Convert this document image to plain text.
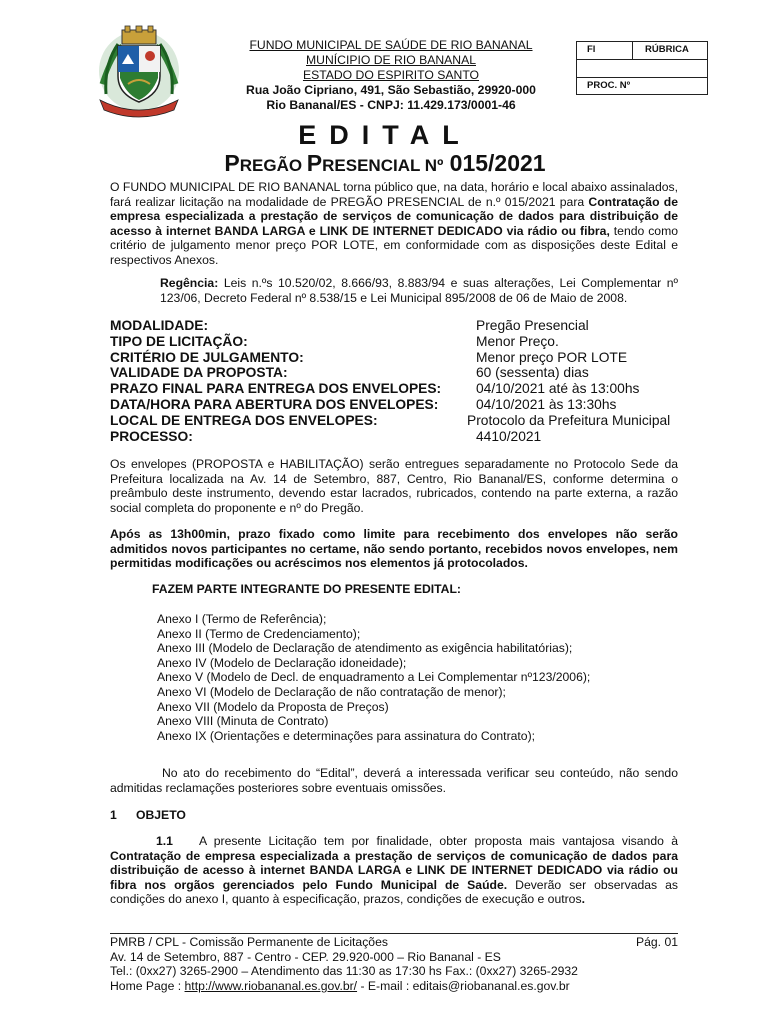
FUNDO MUNICIPAL DE SAÚDE DE RIO BANANAL
MUNÍCIPIO DE RIO BANANAL
ESTADO DO ESPIRITO SANTO
Rua João Cipriano, 491, São Sebastião, 29920-000
Rio Bananal/ES - CNPJ: 11.429.173/0001-46
Fl	RÚBRICA
PROC. Nº
EDITAL
PREGÃO PRESENCIAL Nº 015/2021
O FUNDO MUNICIPAL DE RIO BANANAL torna público que, na data, horário e local abaixo assinalados, fará realizar licitação na modalidade de PREGÃO PRESENCIAL de n.º 015/2021 para Contratação de empresa especializada a prestação de serviços de comunicação de dados para distribuição de acesso à internet BANDA LARGA e LINK DE INTERNET DEDICADO via rádio ou fibra, tendo como critério de julgamento menor preço POR LOTE, em conformidade com as disposições deste Edital e respectivos Anexos.
Regência: Leis n.ºs 10.520/02, 8.666/93, 8.883/94 e suas alterações, Lei Complementar nº 123/06, Decreto Federal nº 8.538/15 e Lei Municipal 895/2008 de 06 de Maio de 2008.
MODALIDADE:	Pregão Presencial
TIPO DE LICITAÇÃO:	Menor Preço.
CRITÉRIO DE JULGAMENTO:	Menor preço POR LOTE
VALIDADE DA PROPOSTA:	60 (sessenta) dias
PRAZO FINAL PARA ENTREGA DOS ENVELOPES:	04/10/2021 até às 13:00hs
DATA/HORA PARA ABERTURA DOS ENVELOPES:	04/10/2021 às 13:30hs
LOCAL DE ENTREGA DOS ENVELOPES:	Protocolo da Prefeitura Municipal
PROCESSO:	4410/2021
Os envelopes (PROPOSTA e HABILITAÇÃO) serão entregues separadamente no Protocolo Sede da Prefeitura localizada na Av. 14 de Setembro, 887, Centro, Rio Bananal/ES, conforme determina o preâmbulo deste instrumento, devendo estar lacrados, rubricados, contendo na parte externa, a razão social completa do proponente e nº do Pregão.
Após as 13h00min, prazo fixado como limite para recebimento dos envelopes não serão admitidos novos participantes no certame, não sendo portanto, recebidos novos envelopes, nem permitidas modificações ou acréscimos nos elementos já protocolados.
FAZEM PARTE INTEGRANTE DO PRESENTE EDITAL:
Anexo I (Termo de Referência);
Anexo II (Termo de Credenciamento);
Anexo III (Modelo de Declaração de atendimento as exigência habilitatórias);
Anexo IV (Modelo de Declaração idoneidade);
Anexo V (Modelo de Decl. de enquadramento a Lei Complementar nº123/2006);
Anexo VI (Modelo de Declaração de não contratação de menor);
Anexo VII (Modelo da Proposta de Preços)
Anexo VIII (Minuta de Contrato)
Anexo IX (Orientações e determinações para assinatura do Contrato);
No ato do recebimento do “Edital”, deverá a interessada verificar seu conteúdo, não sendo admitidas reclamações posteriores sobre eventuais omissões.
1 OBJETO
1.1 A presente Licitação tem por finalidade, obter proposta mais vantajosa visando à Contratação de empresa especializada a prestação de serviços de comunicação de dados para distribuição de acesso à internet BANDA LARGA e LINK DE INTERNET DEDICADO via rádio ou fibra nos orgãos gerenciados pelo Fundo Municipal de Saúde. Deverão ser observadas as condições do anexo I, quanto à especificação, prazos, condições de execução e outros.
PMRB / CPL - Comissão Permanente de Licitações	Pág. 01
Av. 14 de Setembro, 887 - Centro - CEP. 29.920-000 – Rio Bananal - ES
Tel.: (0xx27) 3265-2900 – Atendimento das 11:30 as 17:30 hs Fax.: (0xx27) 3265-2932
Home Page : http://www.riobananal.es.gov.br/ - E-mail : editais@riobananal.es.gov.br
